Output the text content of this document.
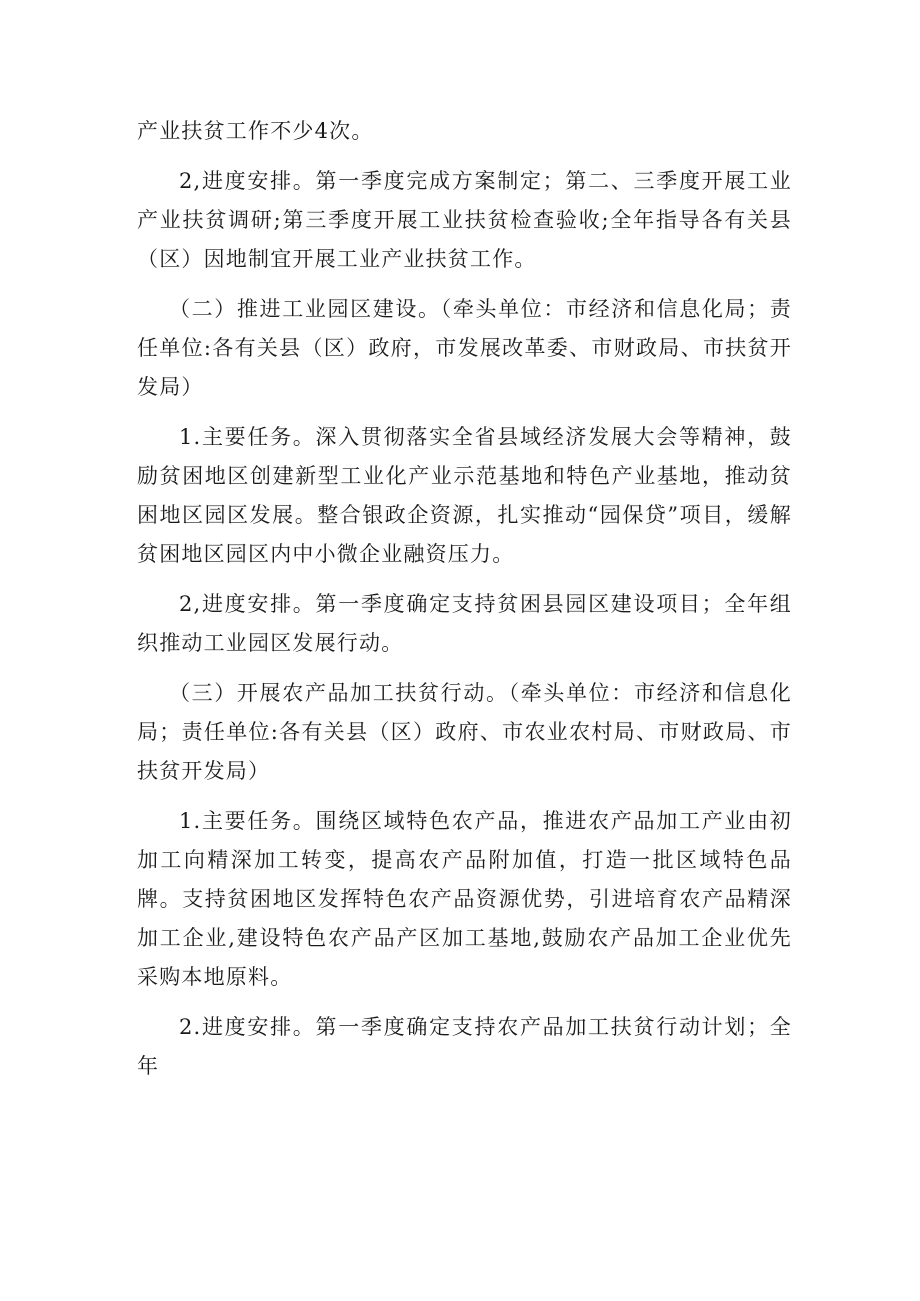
产业扶贫工作不少4次。

2,进度安排。第一季度完成方案制定；第二、三季度开展工业产业扶贫调研;第三季度开展工业扶贫检查验收;全年指导各有关县（区）因地制宜开展工业产业扶贫工作。

（二）推进工业园区建设。（牵头单位：市经济和信息化局；责任单位:各有关县（区）政府，市发展改革委、市财政局、市扶贫开发局）

1.主要任务。深入贯彻落实全省县域经济发展大会等精神，鼓励贫困地区创建新型工业化产业示范基地和特色产业基地，推动贫困地区园区发展。整合银政企资源，扎实推动“园保贷”项目，缓解贫困地区园区内中小微企业融资压力。

2,进度安排。第一季度确定支持贫困县园区建设项目；全年组织推动工业园区发展行动。

（三）开展农产品加工扶贫行动。（牵头单位：市经济和信息化局；责任单位:各有关县（区）政府、市农业农村局、市财政局、市扶贫开发局）

1.主要任务。围绕区域特色农产品，推进农产品加工产业由初加工向精深加工转变，提高农产品附加值，打造一批区域特色品牌。支持贫困地区发挥特色农产品资源优势，引进培育农产品精深加工企业,建设特色农产品产区加工基地,鼓励农产品加工企业优先采购本地原料。

2.进度安排。第一季度确定支持农产品加工扶贫行动计划；全年
